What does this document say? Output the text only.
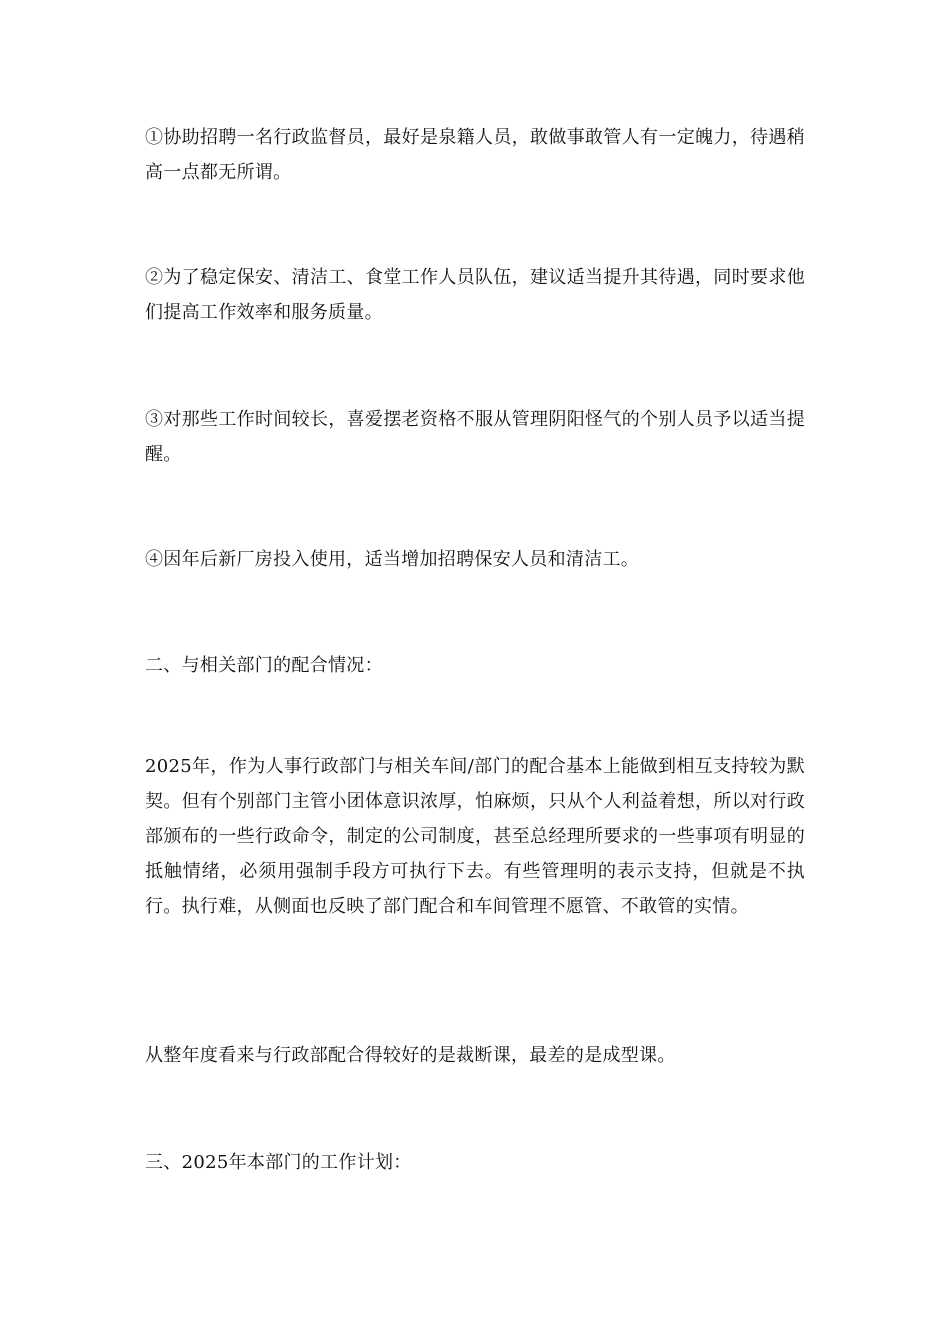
①协助招聘一名行政监督员，最好是泉籍人员，敢做事敢管人有一定魄力，待遇稍高一点都无所谓。

②为了稳定保安、清洁工、食堂工作人员队伍，建议适当提升其待遇，同时要求他们提高工作效率和服务质量。

③对那些工作时间较长，喜爱摆老资格不服从管理阴阳怪气的个别人员予以适当提醒。

④因年后新厂房投入使用，适当增加招聘保安人员和清洁工。

二、与相关部门的配合情况：

2025年，作为人事行政部门与相关车间/部门的配合基本上能做到相互支持较为默契。但有个别部门主管小团体意识浓厚，怕麻烦，只从个人利益着想，所以对行政部颁布的一些行政命令，制定的公司制度，甚至总经理所要求的一些事项有明显的抵触情绪，必须用强制手段方可执行下去。有些管理明的表示支持，但就是不执行。执行难，从侧面也反映了部门配合和车间管理不愿管、不敢管的实情。

从整年度看来与行政部配合得较好的是裁断课，最差的是成型课。

三、2025年本部门的工作计划：
